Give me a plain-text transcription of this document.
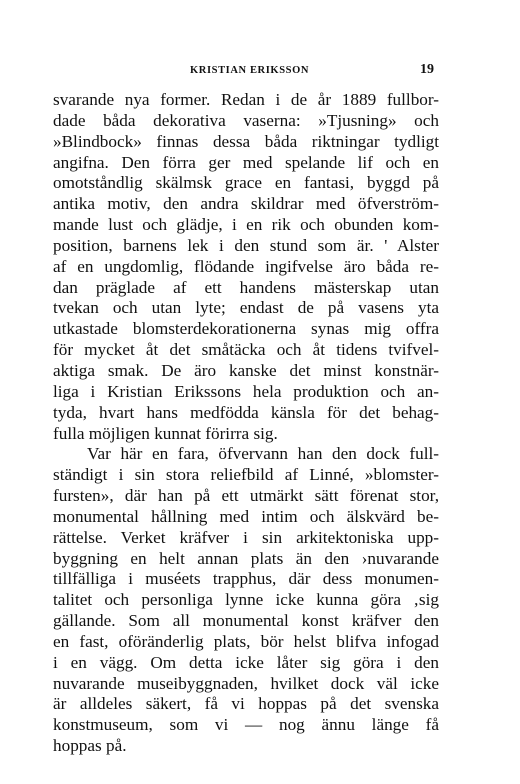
KRISTIAN ERIKSSON	19
svarande nya former. Redan i de år 1889 fullbor-
dade båda dekorativa vaserna: »Tjusning» och
»Blindbock» finnas dessa båda riktningar tydligt
angifna. Den förra ger med spelande lif och en
omotståndlig skälmsk grace en fantasi, byggd på
antika motiv, den andra skildrar med öfverström-
mande lust och glädje, i en rik och obunden kom-
position, barnens lek i den stund som är. ' Alster
af en ungdomlig, flödande ingifvelse äro båda re-
dan präglade af ett handens mästerskap utan
tvekan och utan lyte; endast de på vasens yta
utkastade blomsterdekorationerna synas mig offra
för mycket åt det småtäcka och åt tidens tvifvel-
aktiga smak. De äro kanske det minst konstnär-
liga i Kristian Erikssons hela produktion och an-
tyda, hvart hans medfödda känsla för det behag-
fulla möjligen kunnat förirra sig.
Var här en fara, öfvervann han den dock full-
ständigt i sin stora reliefbild af Linné, »blomster-
fursten», där han på ett utmärkt sätt förenat stor,
monumental hållning med intim och älskvärd be-
rättelse. Verket kräfver i sin arkitektoniska upp-
byggning en helt annan plats än den ›nuvarande
tillfälliga i muséets trapphus, där dess monumen-
talitet och personliga lynne icke kunna göra ‚sig
gällande. Som all monumental konst kräfver den
en fast, oföränderlig plats, bör helst blifva infogad
i en vägg. Om detta icke låter sig göra i den
nuvarande museibyggnaden, hvilket dock väl icke
är alldeles säkert, få vi hoppas på det svenska
konstmuseum, som vi — nog ännu länge få
hoppas på.
